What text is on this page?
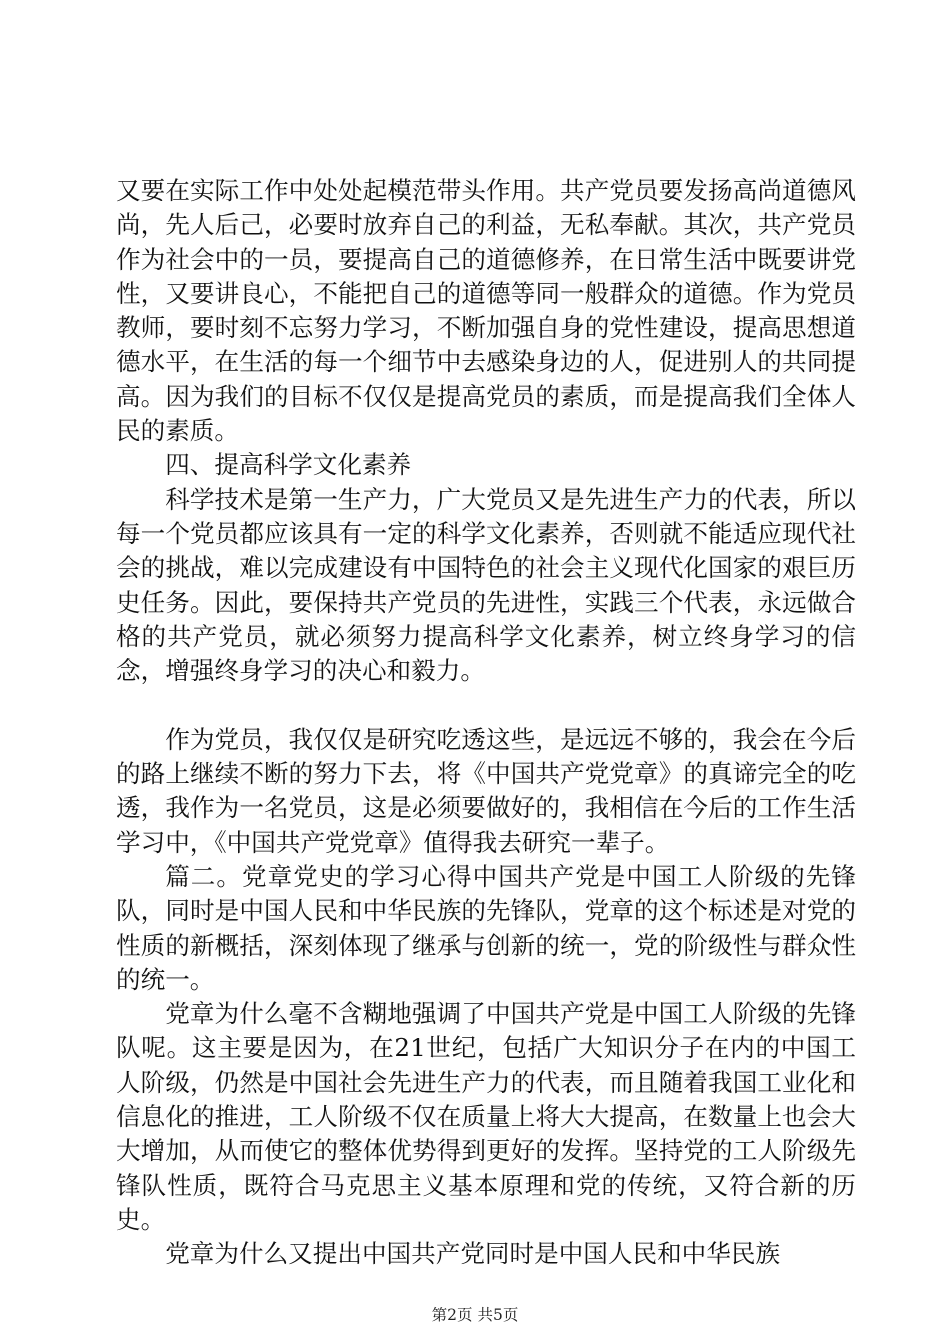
又要在实际工作中处处起模范带头作用。共产党员要发扬高尚道德风尚，先人后己，必要时放弃自己的利益，无私奉献。其次，共产党员作为社会中的一员，要提高自己的道德修养，在日常生活中既要讲党性，又要讲良心，不能把自己的道德等同一般群众的道德。作为党员教师，要时刻不忘努力学习，不断加强自身的党性建设，提高思想道德水平，在生活的每一个细节中去感染身边的人，促进别人的共同提高。因为我们的目标不仅仅是提高党员的素质，而是提高我们全体人民的素质。

四、提高科学文化素养

科学技术是第一生产力，广大党员又是先进生产力的代表，所以每一个党员都应该具有一定的科学文化素养，否则就不能适应现代社会的挑战，难以完成建设有中国特色的社会主义现代化国家的艰巨历史任务。因此，要保持共产党员的先进性，实践三个代表，永远做合格的共产党员，就必须努力提高科学文化素养，树立终身学习的信念，增强终身学习的决心和毅力。

作为党员，我仅仅是研究吃透这些，是远远不够的，我会在今后的路上继续不断的努力下去，将《中国共产党党章》的真谛完全的吃透，我作为一名党员，这是必须要做好的，我相信在今后的工作生活学习中，《中国共产党党章》值得我去研究一辈子。

篇二。党章党史的学习心得中国共产党是中国工人阶级的先锋队，同时是中国人民和中华民族的先锋队，党章的这个标述是对党的性质的新概括，深刻体现了继承与创新的统一，党的阶级性与群众性的统一。

党章为什么毫不含糊地强调了中国共产党是中国工人阶级的先锋队呢。这主要是因为，在21世纪，包括广大知识分子在内的中国工人阶级，仍然是中国社会先进生产力的代表，而且随着我国工业化和信息化的推进，工人阶级不仅在质量上将大大提高，在数量上也会大大增加，从而使它的整体优势得到更好的发挥。坚持党的工人阶级先锋队性质，既符合马克思主义基本原理和党的传统，又符合新的历史。

党章为什么又提出中国共产党同时是中国人民和中华民族

第2页 共5页
